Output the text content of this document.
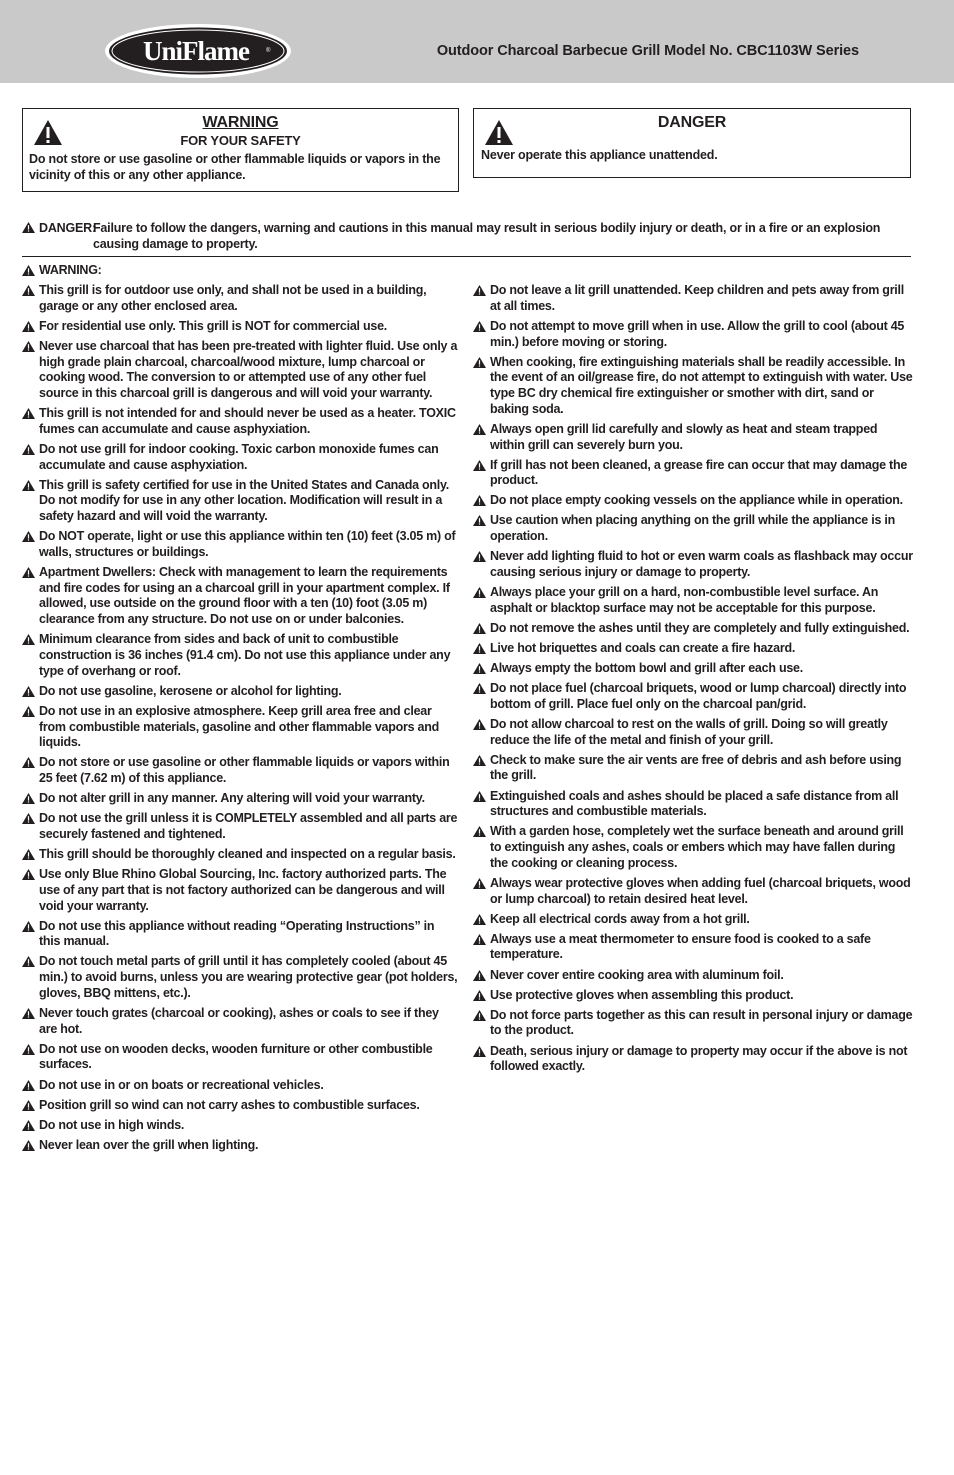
UniFlame	®	Outdoor Charcoal Barbecue Grill Model No. CBC1103W Series
WARNING
FOR YOUR SAFETY
Do not store or use gasoline or other flammable liquids or vapors in the vicinity of this or any other appliance.
DANGER
Never operate this appliance unattended.
DANGER:
Failure to follow the dangers, warning and cautions in this manual may result in serious bodily injury or death, or in a fire or an explosion
causing damage to property.
WARNING:
This grill is for outdoor use only, and shall not be used in a building, garage or any other enclosed area.
For residential use only. This grill is NOT for commercial use.
Never use charcoal that has been pre-treated with lighter fluid. Use only a high grade plain charcoal, charcoal/wood mixture, lump charcoal or cooking wood. The conversion to or attempted use of any other fuel source in this charcoal grill is dangerous and will void your warranty.
This grill is not intended for and should never be used as a heater. TOXIC fumes can accumulate and cause asphyxiation.
Do not use grill for indoor cooking. Toxic carbon monoxide fumes can accumulate and cause asphyxiation.
This grill is safety certified for use in the United States and Canada only. Do not modify for use in any other location. Modification will result in a safety hazard and will void the warranty.
Do NOT operate, light or use this appliance within ten (10) feet (3.05 m) of walls, structures or buildings.
Apartment Dwellers: Check with management to learn the requirements and fire codes for using an a charcoal grill in your apartment complex. If allowed, use outside on the ground floor with a ten (10) foot (3.05 m) clearance from any structure. Do not use on or under balconies.
Minimum clearance from sides and back of unit to combustible construction is 36 inches (91.4 cm). Do not use this appliance under any type of overhang or roof.
Do not use gasoline, kerosene or alcohol for lighting.
Do not use in an explosive atmosphere. Keep grill area free and clear from combustible materials, gasoline and other flammable vapors and liquids.
Do not store or use gasoline or other flammable liquids or vapors within 25 feet (7.62 m) of this appliance.
Do not alter grill in any manner. Any altering will void your warranty.
Do not use the grill unless it is COMPLETELY assembled and all parts are securely fastened and tightened.
This grill should be thoroughly cleaned and inspected on a regular basis.
Use only Blue Rhino Global Sourcing, Inc. factory authorized parts. The use of any part that is not factory authorized can be dangerous and will void your warranty.
Do not use this appliance without reading “Operating Instructions” in this manual.
Do not touch metal parts of grill until it has completely cooled (about 45 min.) to avoid burns, unless you are wearing protective gear (pot holders, gloves, BBQ mittens, etc.).
Never touch grates (charcoal or cooking), ashes or coals to see if they are hot.
Do not use on wooden decks, wooden furniture or other combustible surfaces.
Do not use in or on boats or recreational vehicles.
Position grill so wind can not carry ashes to combustible surfaces.
Do not use in high winds.
Never lean over the grill when lighting.
Do not leave a lit grill unattended. Keep children and pets away from grill at all times.
Do not attempt to move grill when in use. Allow the grill to cool (about 45 min.) before moving or storing.
When cooking, fire extinguishing materials shall be readily accessible. In the event of an oil/grease fire, do not attempt to extinguish with water. Use type BC dry chemical fire extinguisher or smother with dirt, sand or baking soda.
Always open grill lid carefully and slowly as heat and steam trapped within grill can severely burn you.
If grill has not been cleaned, a grease fire can occur that may damage the product.
Do not place empty cooking vessels on the appliance while in operation.
Use caution when placing anything on the grill while the appliance is in operation.
Never add lighting fluid to hot or even warm coals as flashback may occur causing serious injury or damage to property.
Always place your grill on a hard, non-combustible level surface. An asphalt or blacktop surface may not be acceptable for this purpose.
Do not remove the ashes until they are completely and fully extinguished.
Live hot briquettes and coals can create a fire hazard.
Always empty the bottom bowl and grill after each use.
Do not place fuel (charcoal briquets, wood or lump charcoal) directly into bottom of grill. Place fuel only on the charcoal pan/grid.
Do not allow charcoal to rest on the walls of grill. Doing so will greatly reduce the life of the metal and finish of your grill.
Check to make sure the air vents are free of debris and ash before using the grill.
Extinguished coals and ashes should be placed a safe distance from all structures and combustible materials.
With a garden hose, completely wet the surface beneath and around grill to extinguish any ashes, coals or embers which may have fallen during the cooking or cleaning process.
Always wear protective gloves when adding fuel (charcoal briquets, wood or lump charcoal) to retain desired heat level.
Keep all electrical cords away from a hot grill.
Always use a meat thermometer to ensure food is cooked to a safe temperature.
Never cover entire cooking area with aluminum foil.
Use protective gloves when assembling this product.
Do not force parts together as this can result in personal injury or damage to the product.
Death, serious injury or damage to property may occur if the above is not followed exactly.
